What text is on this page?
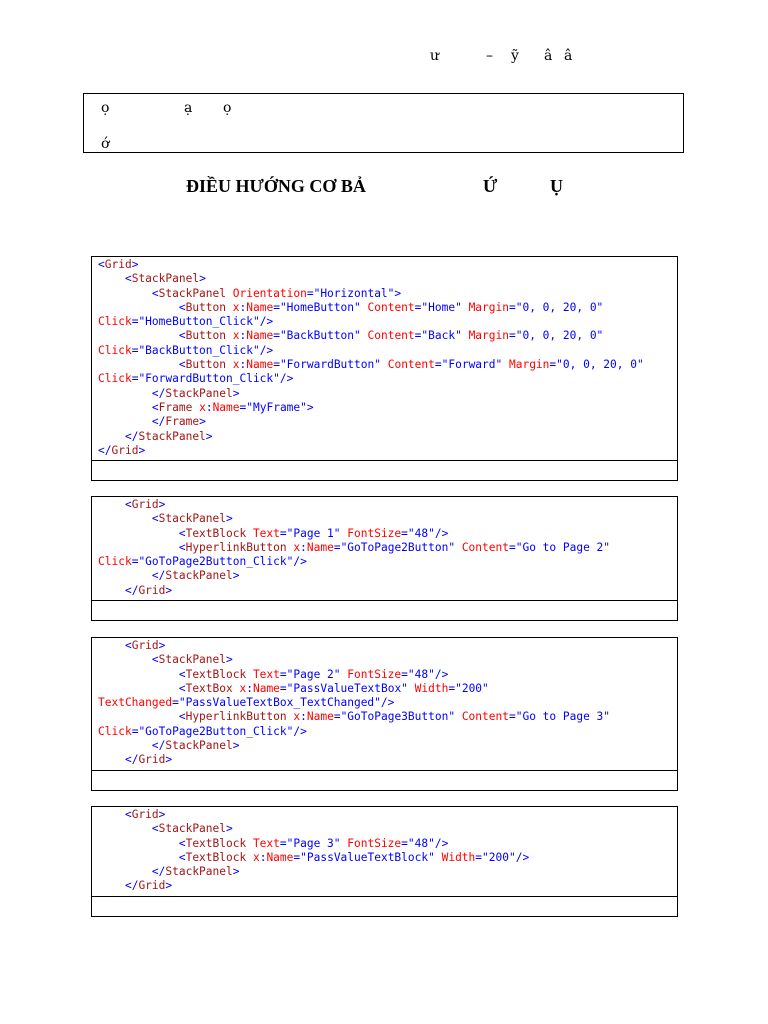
ư	– ỹ â â
ọ	ạ ọ
ớ
ĐIỀU HƯỚNG CƠ BẢ	Ứ	Ụ
<Grid>
<StackPanel>
<StackPanel Orientation="Horizontal">
<Button x:Name="HomeButton" Content="Home" Margin="0, 0, 20, 0"
Click="HomeButton_Click"/>
<Button x:Name="BackButton" Content="Back" Margin="0, 0, 20, 0"
Click="BackButton_Click"/>
<Button x:Name="ForwardButton" Content="Forward" Margin="0, 0, 20, 0"
Click="ForwardButton_Click"/>
</StackPanel>
<Frame x:Name="MyFrame">
</Frame>
</StackPanel>
</Grid>
<Grid>
<StackPanel>
<TextBlock Text="Page 1" FontSize="48"/>
<HyperlinkButton x:Name="GoToPage2Button" Content="Go to Page 2"
Click="GoToPage2Button_Click"/>
</StackPanel>
</Grid>
<Grid>
<StackPanel>
<TextBlock Text="Page 2" FontSize="48"/>
<TextBox x:Name="PassValueTextBox" Width="200"
TextChanged="PassValueTextBox_TextChanged"/>
<HyperlinkButton x:Name="GoToPage3Button" Content="Go to Page 3"
Click="GoToPage2Button_Click"/>
</StackPanel>
</Grid>
<Grid>
<StackPanel>
<TextBlock Text="Page 3" FontSize="48"/>
<TextBlock x:Name="PassValueTextBlock" Width="200"/>
</StackPanel>
</Grid>
